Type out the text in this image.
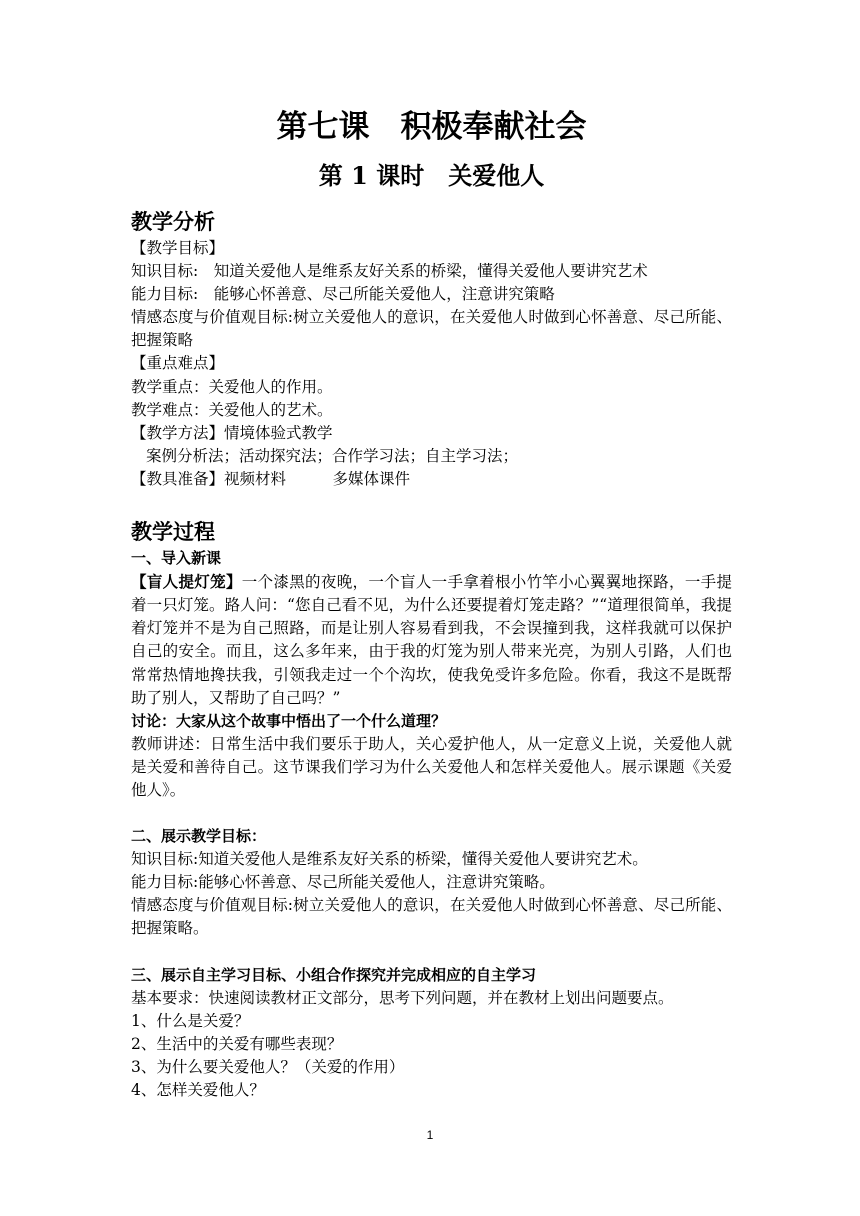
第七课　积极奉献社会
第 1 课时　关爱他人
教学分析
【教学目标】
知识目标:　知道关爱他人是维系友好关系的桥梁，懂得关爱他人要讲究艺术
能力目标:　能够心怀善意、尽己所能关爱他人，注意讲究策略
情感态度与价值观目标:树立关爱他人的意识，在关爱他人时做到心怀善意、尽己所能、把握策略
【重点难点】
教学重点：关爱他人的作用。
教学难点：关爱他人的艺术。
【教学方法】情境体验式教学
案例分析法；活动探究法；合作学习法；自主学习法；
【教具准备】视频材料　　　多媒体课件
教学过程
一、导入新课
【盲人提灯笼】一个漆黑的夜晚，一个盲人一手拿着根小竹竿小心翼翼地探路，一手提着一只灯笼。路人问：“您自己看不见，为什么还要提着灯笼走路？”“道理很简单，我提着灯笼并不是为自己照路，而是让别人容易看到我，不会误撞到我，这样我就可以保护自己的安全。而且，这么多年来，由于我的灯笼为别人带来光亮，为别人引路，人们也常常热情地搀扶我，引领我走过一个个沟坎，使我免受许多危险。你看，我这不是既帮助了别人，又帮助了自己吗？”
讨论：大家从这个故事中悟出了一个什么道理？
教师讲述：日常生活中我们要乐于助人，关心爱护他人，从一定意义上说，关爱他人就是关爱和善待自己。这节课我们学习为什么关爱他人和怎样关爱他人。展示课题《关爱他人》。
二、展示教学目标：
知识目标:知道关爱他人是维系友好关系的桥梁，懂得关爱他人要讲究艺术。
能力目标:能够心怀善意、尽己所能关爱他人，注意讲究策略。
情感态度与价值观目标:树立关爱他人的意识，在关爱他人时做到心怀善意、尽己所能、把握策略。
三、展示自主学习目标、小组合作探究并完成相应的自主学习
基本要求：快速阅读教材正文部分，思考下列问题，并在教材上划出问题要点。
1、什么是关爱？
2、生活中的关爱有哪些表现？
3、为什么要关爱他人？（关爱的作用）
4、怎样关爱他人？
1
